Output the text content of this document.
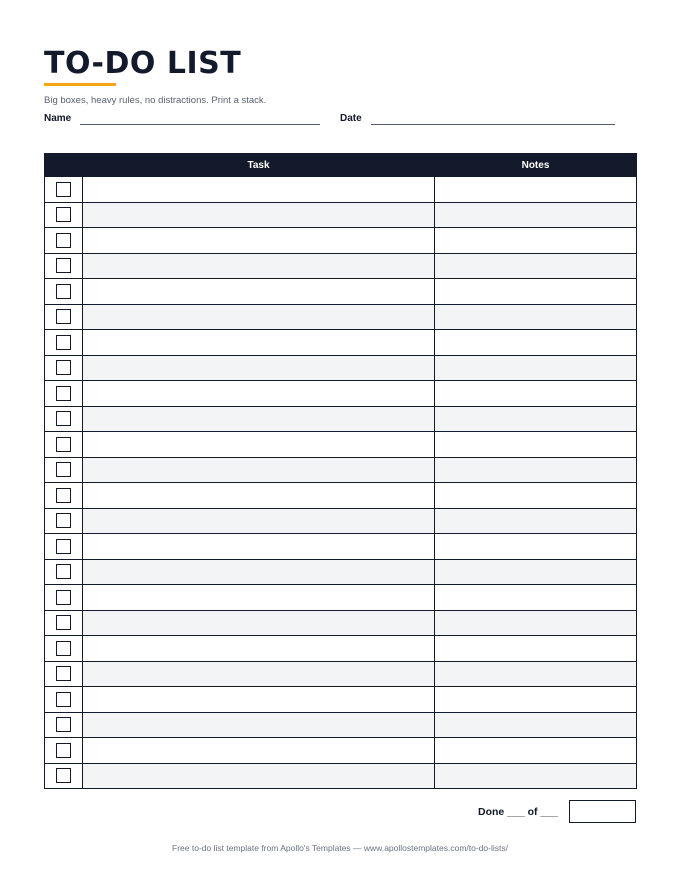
TO-DO LIST
Big boxes, heavy rules, no distractions. Print a stack.
Name	Date
	Task	Notes

Done ___ of ___
Free to-do list template from Apollo's Templates — www.apollostemplates.com/to-do-lists/
